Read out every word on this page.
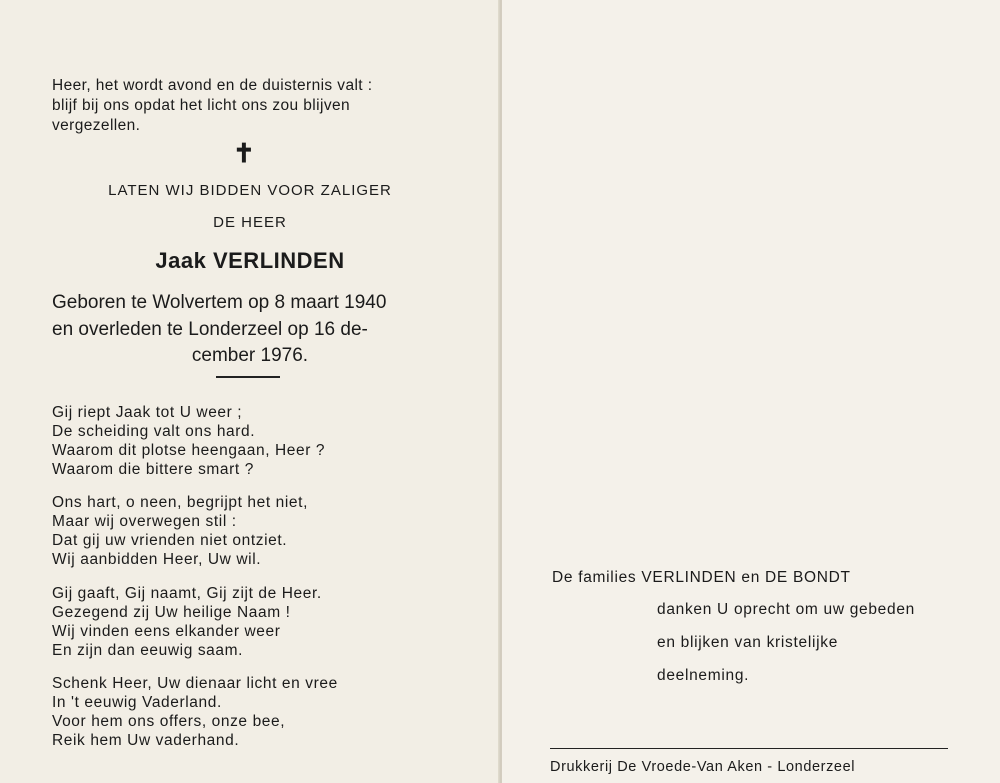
Heer, het wordt avond en de duisternis valt :
blijf bij ons opdat het licht ons zou blijven
vergezellen.
✝
LATEN WIJ BIDDEN VOOR ZALIGER
DE HEER
Jaak VERLINDEN
Geboren te Wolvertem op 8 maart 1940
en overleden te Londerzeel op 16 de-
cember 1976.
Gij riept Jaak tot U weer ;
De scheiding valt ons hard.
Waarom dit plotse heengaan, Heer ?
Waarom die bittere smart ?
Ons hart, o neen, begrijpt het niet,
Maar wij overwegen stil :
Dat gij uw vrienden niet ontziet.
Wij aanbidden Heer, Uw wil.
Gij gaaft, Gij naamt, Gij zijt de Heer.
Gezegend zij Uw heilige Naam !
Wij vinden eens elkander weer
En zijn dan eeuwig saam.
Schenk Heer, Uw dienaar licht en vree
In 't eeuwig Vaderland.
Voor hem ons offers, onze bee,
Reik hem Uw vaderhand.
De families VERLINDEN en DE BONDT
danken U oprecht om uw gebeden
en blijken van kristelijke
deelneming.
Drukkerij De Vroede-Van Aken - Londerzeel
